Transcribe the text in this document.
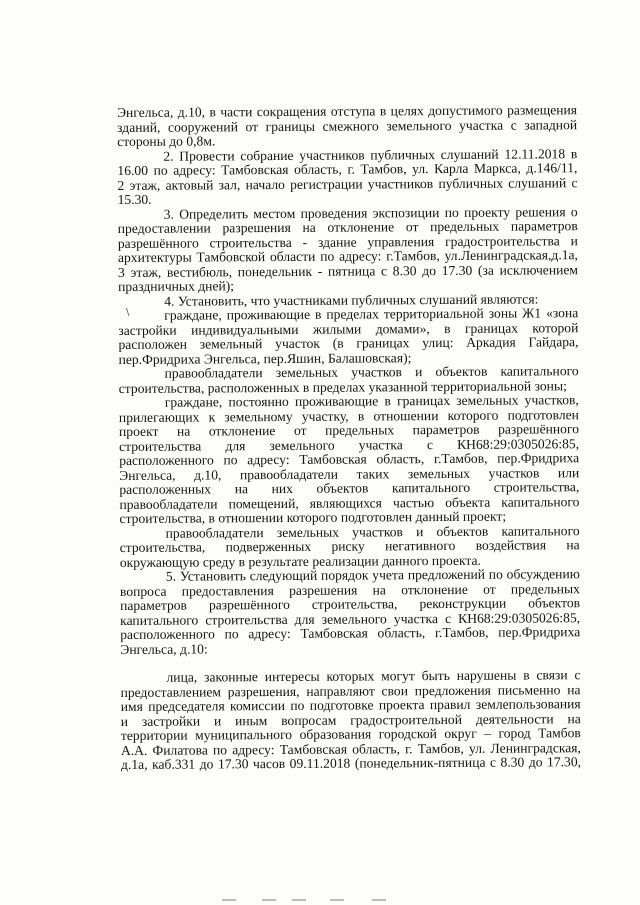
\

Энгельса, д.10, в части сокращения отступа в целях допустимого размещения
зданий, сооружений от границы смежного земельного участка с западной
стороны до 0,8м.

2. Провести собрание участников публичных слушаний 12.11.2018 в
16.00 по адресу: Тамбовская область, г. Тамбов, ул. Карла Маркса, д.146/11,
2 этаж, актовый зал, начало регистрации участников публичных слушаний с
15.30.

3. Определить местом проведения экспозиции по проекту решения о
предоставлении разрешения на отклонение от предельных параметров
разрешённого строительства - здание управления градостроительства и
архитектуры Тамбовской области по адресу: г.Тамбов, ул.Ленинградская,д.1а,
3 этаж, вестибюль, понедельник - пятница с 8.30 до 17.30 (за исключением
праздничных дней);

4. Установить, что участниками публичных слушаний являются:

граждане, проживающие в пределах территориальной зоны Ж1 «зона
застройки индивидуальными жилыми домами», в границах которой
расположен земельный участок (в границах улиц: Аркадия Гайдара,
пер.Фридриха Энгельса, пер.Яшин, Балашовская);

правообладатели земельных участков и объектов капитального
строительства, расположенных в пределах указанной территориальной зоны;

граждане, постоянно проживающие в границах земельных участков,
прилегающих к земельному участку, в отношении которого подготовлен
проект на отклонение от предельных параметров разрешённого
строительства для земельного участка с КН68:29:0305026:85,
расположенного по адресу: Тамбовская область, г.Тамбов, пер.Фридриха
Энгельса, д.10, правообладатели таких земельных участков или
расположенных на них объектов капитального строительства,
правообладатели помещений, являющихся частью объекта капитального
строительства, в отношении которого подготовлен данный проект;

правообладатели земельных участков и объектов капитального
строительства, подверженных риску негативного воздействия на
окружающую среду в результате реализации данного проекта.

5. Установить следующий порядок учета предложений по обсуждению
вопроса предоставления разрешения на отклонение от предельных
параметров разрешённого строительства, реконструкции объектов
капитального строительства для земельного участка с КН68:29:0305026:85,
расположенного по адресу: Тамбовская область, г.Тамбов, пер.Фридриха
Энгельса, д.10:

лица, законные интересы которых могут быть нарушены в связи с
предоставлением разрешения, направляют свои предложения письменно на
имя председателя комиссии по подготовке проекта правил землепользования
и застройки и иным вопросам градостроительной деятельности на
территории муниципального образования городской округ – город Тамбов
А.А. Филатова по адресу: Тамбовская область, г. Тамбов, ул. Ленинградская,
д.1а, каб.331 до 17.30 часов 09.11.2018 (понедельник-пятница с 8.30 до 17.30,
